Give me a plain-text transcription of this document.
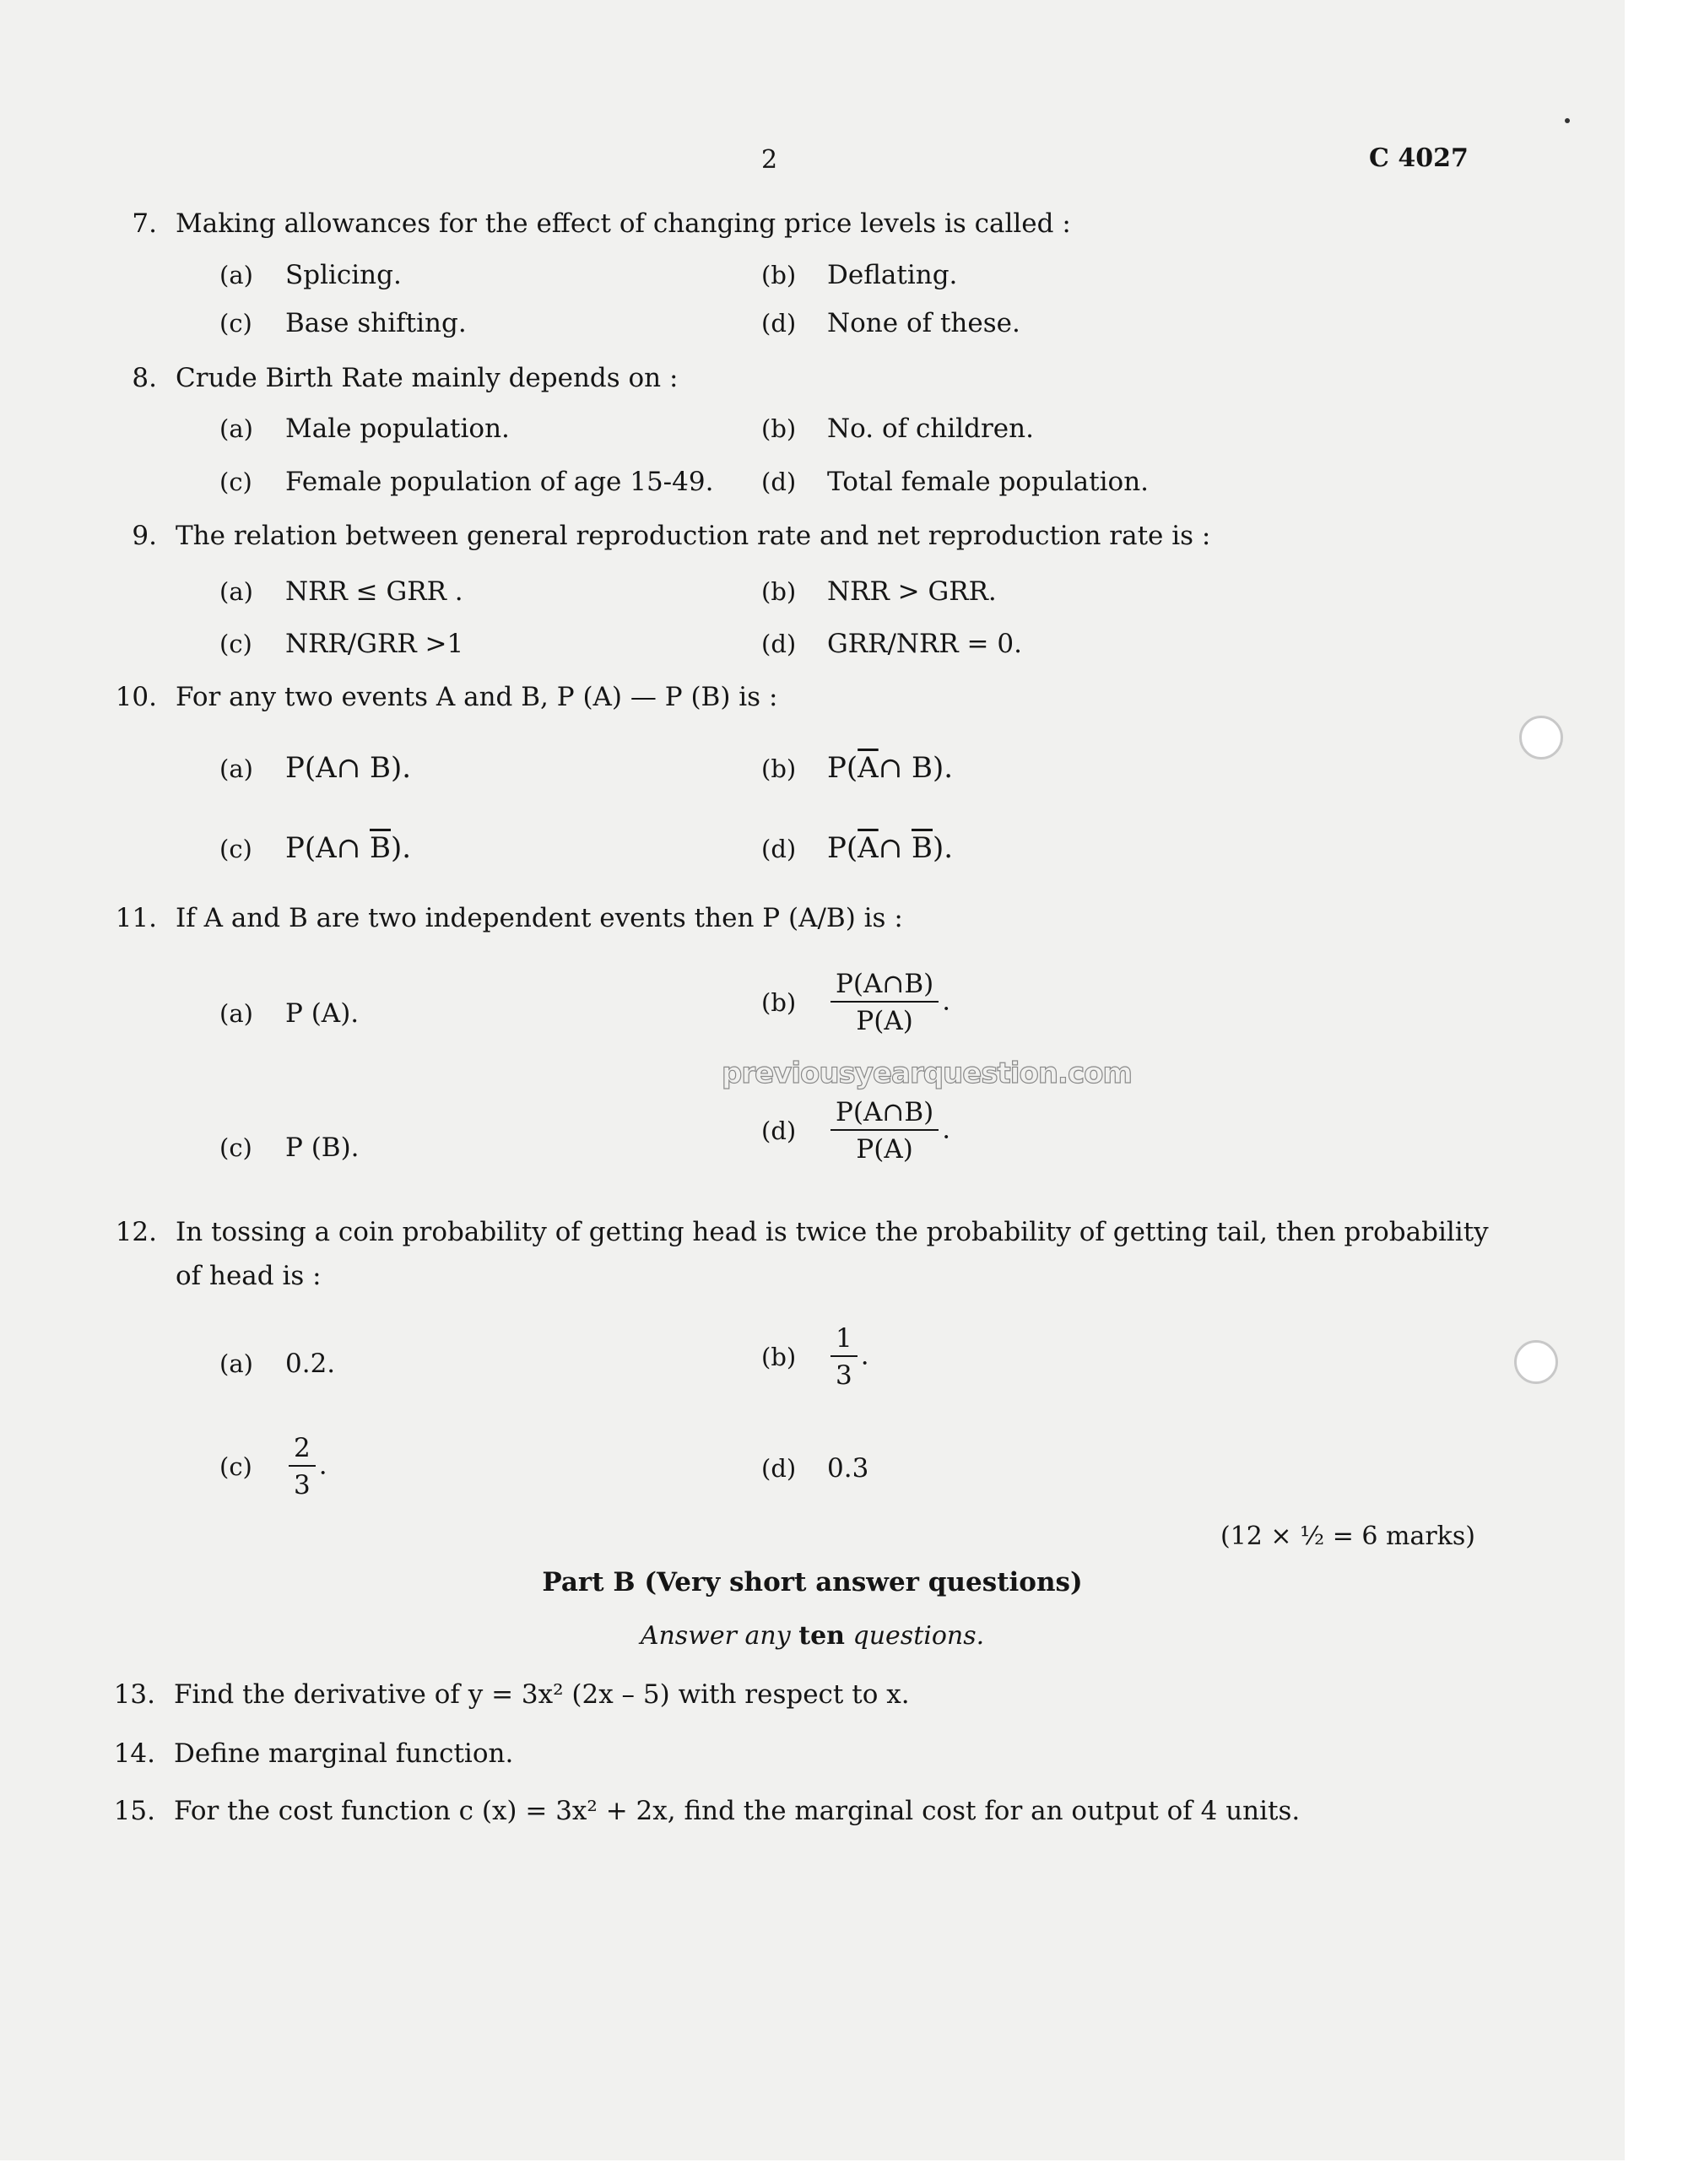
2	C 4027
7. Making allowances for the effect of changing price levels is called :
(a) Splicing.	(b) Deflating.
(c) Base shifting.	(d) None of these.
8. Crude Birth Rate mainly depends on :
(a) Male population.	(b) No. of children.
(c) Female population of age 15-49. (d) Total female population.
9. The relation between general reproduction rate and net reproduction rate is :
(a) NRR ≤ GRR .	(b) NRR > GRR.
(c) NRR/GRR >1	(d) GRR/NRR = 0.
10. For any two events A and B, P (A) — P (B) is :
(a) P(A∩ B).	(b) $P(\overline{A}\cap$ B).
(c) P(A∩ $\overline{B}$).	(d) $P(\overline{A}\cap$ $\overline{B}$).
11. If A and B are two independent events then P (A/B) is :
(a) P (A).	$(b) \frac{P(A\cap B)}{P(A)}$ .
(c) P (B).
$(d) \frac{P(A\cap B)}{P(A)}$ .
12. In tossing a coin probability of getting head is twice the probability of getting tail, then probability
of head is :
(a) 0.2.	$(b) \frac{1}{3}$ .
$(c) \frac{2}{3}$ .	(d) 0.3
(12 × ½ = 6 marks)
Part B (Very short answer questions)
Answer any ten questions.
13. Find the derivative of y = 3x² (2x – 5) with respect to x.
14. Define marginal function.
15. For the cost function c (x) = 3x² + 2x, find the marginal cost for an output of 4 units.
previousyearquestion.com
